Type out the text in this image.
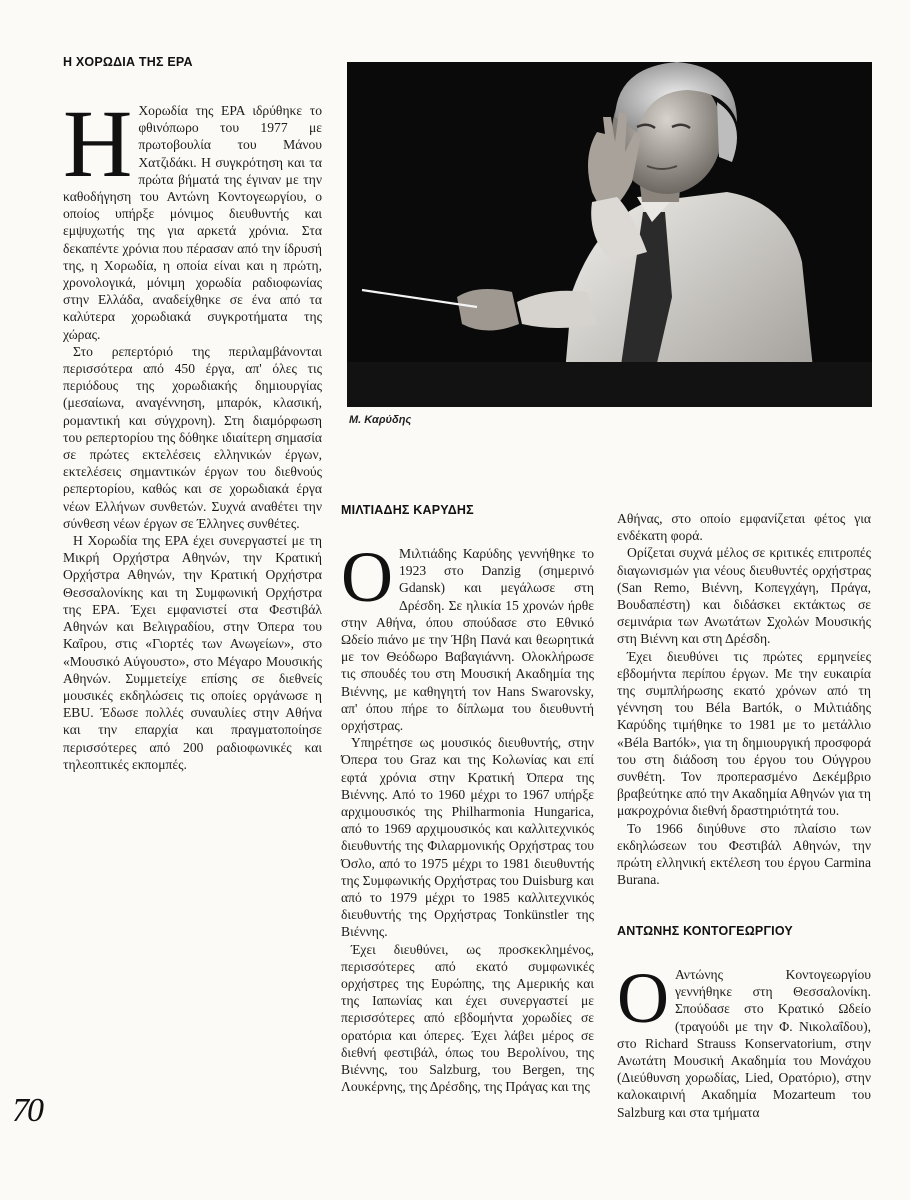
Η ΧΟΡΩΔΙΑ ΤΗΣ ΕΡΑ

Η Χορωδία της ΕΡΑ ιδρύθηκε το φθινόπωρο του 1977 με πρωτοβουλία του Μάνου Χατζιδάκι. Η συγκρότηση και τα πρώτα βήματά της έγιναν με την καθοδήγηση του Αντώνη Κοντογεωργίου, ο οποίος υπήρξε μόνιμος διευθυντής και εμψυχωτής της για αρκετά χρόνια. Στα δεκαπέντε χρόνια που πέρασαν από την ίδρυσή της, η Χορωδία, η οποία είναι και η πρώτη, χρονολογικά, μόνιμη χορωδία ραδιοφωνίας στην Ελλάδα, αναδείχθηκε σε ένα από τα καλύτερα χορωδιακά συγκροτήματα της χώρας.

Στο ρεπερτόριό της περιλαμβάνονται περισσότερα από 450 έργα, απ' όλες τις περιόδους της χορωδιακής δημιουργίας (μεσαίωνα, αναγέννηση, μπαρόκ, κλασική, ρομαντική και σύγχρονη). Στη διαμόρφωση του ρεπερτορίου της δόθηκε ιδιαίτερη σημασία σε πρώτες εκτελέσεις ελληνικών έργων, εκτελέσεις σημαντικών έργων του διεθνούς ρεπερτορίου, καθώς και σε χορωδιακά έργα νέων Ελλήνων συνθετών. Συχνά αναθέτει την σύνθεση νέων έργων σε Έλληνες συνθέτες.

Η Χορωδία της ΕΡΑ έχει συνεργαστεί με τη Μικρή Ορχήστρα Αθηνών, την Κρατική Ορχήστρα Αθηνών, την Κρατική Ορχήστρα Θεσσαλονίκης και τη Συμφωνική Ορχήστρα της ΕΡΑ. Έχει εμφανιστεί στα Φεστιβάλ Αθηνών και Βελιγραδίου, στην Όπερα του Καΐρου, στις «Γιορτές των Ανωγείων», στο «Μουσικό Αύγουστο», στο Μέγαρο Μουσικής Αθηνών. Συμμετείχε επίσης σε διεθνείς μουσικές εκδηλώσεις τις οποίες οργάνωσε η EBU. Έδωσε πολλές συναυλίες στην Αθήνα και την επαρχία και πραγματοποίησε περισσότερες από 200 ραδιοφωνικές και τηλεοπτικές εκπομπές.

Μ. Καρύδης
ΜΙΛΤΙΑΔΗΣ ΚΑΡΥΔΗΣ

Ο Μιλτιάδης Καρύδης γεννήθηκε το 1923 στο Danzig (σημερινό Gdansk) και μεγάλωσε στη Δρέσδη. Σε ηλικία 15 χρονών ήρθε στην Αθήνα, όπου σπούδασε στο Εθνικό Ωδείο πιάνο με την Ήβη Πανά και θεωρητικά με τον Θεόδωρο Βαβαγιάννη. Ολοκλήρωσε τις σπουδές του στη Μουσική Ακαδημία της Βιέννης, με καθηγητή τον Hans Swarovsky, απ' όπου πήρε το δίπλωμα του διευθυντή ορχήστρας.

Υπηρέτησε ως μουσικός διευθυντής, στην Όπερα του Graz και της Κολωνίας και επί εφτά χρόνια στην Κρατική Όπερα της Βιέννης. Από το 1960 μέχρι το 1967 υπήρξε αρχιμουσικός της Philharmonia Hungarica, από το 1969 αρχιμουσικός και καλλιτεχνικός διευθυντής της Φιλαρμονικής Ορχήστρας του Όσλο, από το 1975 μέχρι το 1981 διευθυντής της Συμφωνικής Ορχήστρας του Duisburg και από το 1979 μέχρι το 1985 καλλιτεχνικός διευθυντής της Ορχήστρας Tonkünstler της Βιέννης.

Έχει διευθύνει, ως προσκεκλημένος, περισσότερες από εκατό συμφωνικές ορχήστρες της Ευρώπης, της Αμερικής και της Ιαπωνίας και έχει συνεργαστεί με περισσότερες από εβδομήντα χορωδίες σε ορατόρια και όπερες. Έχει λάβει μέρος σε διεθνή φεστιβάλ, όπως του Βερολίνου, της Βιέννης, του Salzburg, του Bergen, της Λουκέρνης, της Δρέσδης, της Πράγας και της

Αθήνας, στο οποίο εμφανίζεται φέτος για ενδέκατη φορά.

Ορίζεται συχνά μέλος σε κριτικές επιτροπές διαγωνισμών για νέους διευθυντές ορχήστρας (San Remo, Βιέννη, Κοπεγχάγη, Πράγα, Βουδαπέστη) και διδάσκει εκτάκτως σε σεμινάρια των Ανωτάτων Σχολών Μουσικής στη Βιέννη και στη Δρέσδη.

Έχει διευθύνει τις πρώτες ερμηνείες εβδομήντα περίπου έργων. Με την ευκαιρία της συμπλήρωσης εκατό χρόνων από τη γέννηση του Béla Bartók, ο Μιλτιάδης Καρύδης τιμήθηκε το 1981 με το μετάλλιο «Béla Bartók», για τη δημιουργική προσφορά του στη διάδοση του έργου του Ούγγρου συνθέτη. Τον προπερασμένο Δεκέμβριο βραβεύτηκε από την Ακαδημία Αθηνών για τη μακροχρόνια διεθνή δραστηριότητά του.

Το 1966 διηύθυνε στο πλαίσιο των εκδηλώσεων του Φεστιβάλ Αθηνών, την πρώτη ελληνική εκτέλεση του έργου Carmina Burana.

ΑΝΤΩΝΗΣ ΚΟΝΤΟΓΕΩΡΓΙΟΥ

Ο Αντώνης Κοντογεωργίου γεννήθηκε στη Θεσσαλονίκη. Σπούδασε στο Κρατικό Ωδείο (τραγούδι με την Φ. Νικολαΐδου), στο Richard Strauss Konservatorium, στην Ανωτάτη Μουσική Ακαδημία του Μονάχου (Διεύθυνση χορωδίας, Lied, Ορατόριο), στην καλοκαιρινή Ακαδημία Mozarteum του Salzburg και στα τμήματα

70
